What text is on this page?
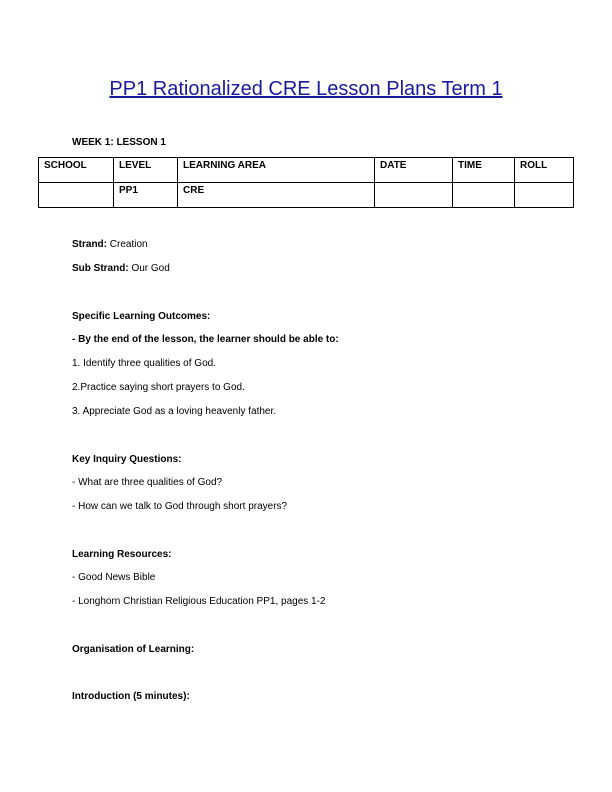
PP1 Rationalized CRE Lesson Plans Term 1
WEEK 1: LESSON 1
SCHOOL	LEVEL	LEARNING AREA	DATE	TIME	ROLL
	PP1	CRE			
Strand: Creation
Sub Strand: Our God
Specific Learning Outcomes:
- By the end of the lesson, the learner should be able to:
1. Identify three qualities of God.
2.Practice saying short prayers to God.
3. Appreciate God as a loving heavenly father.
Key Inquiry Questions:
- What are three qualities of God?
- How can we talk to God through short prayers?
Learning Resources:
- Good News Bible
- Longhorn Christian Religious Education PP1, pages 1-2
Organisation of Learning:
Introduction (5 minutes):
